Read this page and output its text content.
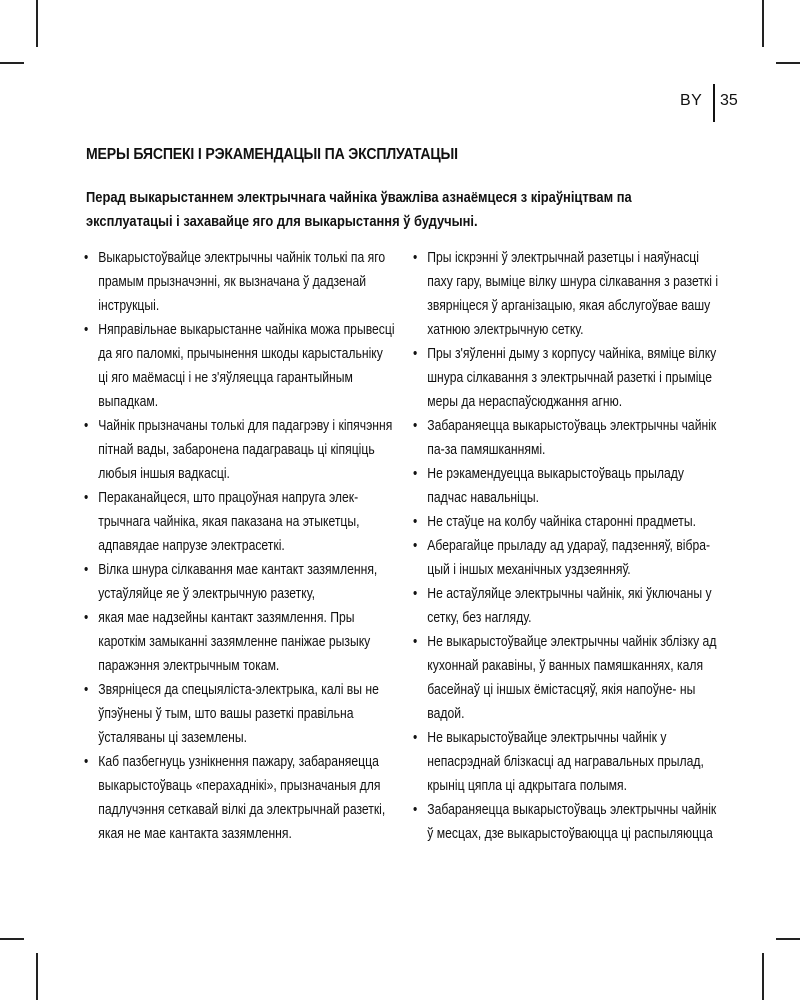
BY 35
МЕРЫ БЯСПЕКІ І РЭКАМЕНДАЦЫІ ПА ЭКСПЛУАТАЦЫІ
Перад выкарыстаннем электрычнага чайніка ўважліва азнаёмцеся з кіраўніцтвам па эксплуатацыі і захавайце яго для выкарыстання ў будучыні.
• Выкарыстоўвайце электрычны чайнік толькі па яго прамым прызначэнні, як вызначана ў дадзенай інструкцыі.
• Няправільнае выкарыстанне чайніка можа прывесці да яго паломкі, прычынення шкоды карыстальніку ці яго маёмасці і не з'яўляецца гарантыйным выпадкам.
• Чайнік прызначаны толькі для падагрэву і кіпячэння пітнай вады, забаронена падаграваць ці кіпяціць любыя іншыя вадкасці.
• Пераканайцеся, што працоўная напруга элек- трычнага чайніка, якая паказана на этыкетцы, адпавядае напрузе электрасеткі.
• Вілка шнура сілкавання мае кантакт зазямлення, устаўляйце яе ў электрычную разетку,
• якая мае надзейны кантакт зазямлення. Пры кароткім замыканні зазямленне паніжае рызыку паражэння электрычным токам.
• Звярніцеся да спецыяліста-электрыка, калі вы не ўпэўнены ў тым, што вашы разеткі правільна ўсталяваны ці заземлены.
• Каб пазбегнуць узнікнення пажару, забараняецца выкарыстоўваць «перахаднікі», прызначаныя для падлучэння сеткавай вілкі да электрычнай разеткі, якая не мае кантакта зазямлення.
• Пры іскрэнні ў электрычнай разетцы і наяўнасці паху гару, выміце вілку шнура сілкавання з разеткі і звярніцеся ў арганізацыю, якая абслугоўвае вашу хатнюю электрычную сетку.
• Пры з'яўленні дыму з корпусу чайніка, вяміце вілку шнура сілкавання з электрычнай разеткі і прыміце меры да нераспаўсюджання агню.
• Забараняецца выкарыстоўваць электрычны чайнік па-за памяшканнямі.
• Не рэкамендуецца выкарыстоўваць прыладу падчас навальніцы.
• Не стаўце на колбу чайніка старонні прадметы.
• Аберагайце прыладу ад удараў, падзенняў, вібра- цый і іншых механічных уздзеянняў.
• Не астаўляйце электрычны чайнік, які ўключаны у сетку, без нагляду.
• Не выкарыстоўвайце электрычны чайнік зблізку ад кухоннай ракавіны, ў ванных памяшканнях, каля басейнаў ці іншых ёмістасцяў, якія напоўне- ны вадой.
• Не выкарыстоўвайце электрычны чайнік у непасрэднай блізкасці ад награвальных прылад, крыніц цяпла ці адкрытага полымя.
• Забараняецца выкарыстоўваць электрычны чайнік ў месцах, дзе выкарыстоўваюцца ці распыляюцца
